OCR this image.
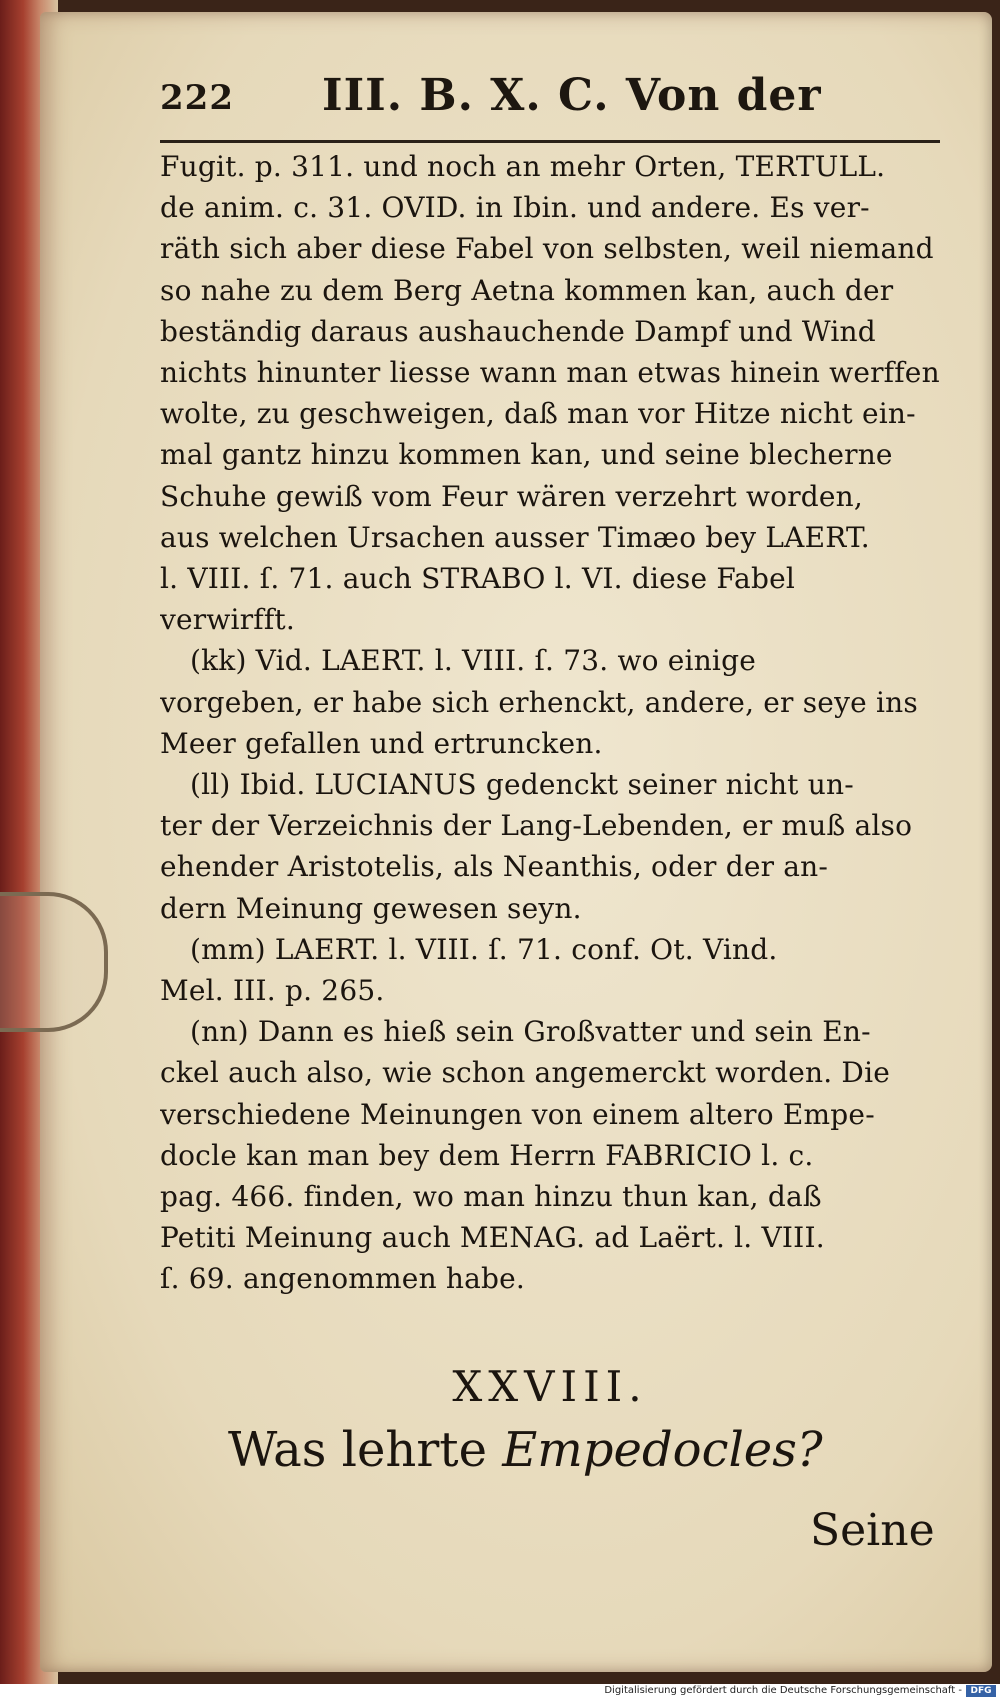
222 III. B. X. C. Von der
Fugit. p. 311. und noch an mehr Orten, TERTULL.
de anim. c. 31. OVID. in Ibin. und andere. Es ver-
räth sich aber diese Fabel von selbsten, weil niemand
so nahe zu dem Berg Aetna kommen kan, auch der
beständig daraus aushauchende Dampf und Wind
nichts hinunter liesse wann man etwas hinein werffen
wolte, zu geschweigen, daß man vor Hitze nicht ein-
mal gantz hinzu kommen kan, und seine blecherne
Schuhe gewiß vom Feur wären verzehrt worden,
aus welchen Ursachen ausser Timæo bey LAERT.
l. VIII. ſ. 71. auch STRABO l. VI. diese Fabel
verwirfft.
(kk) Vid. LAERT. l. VIII. ſ. 73. wo einige
vorgeben, er habe sich erhenckt, andere, er seye ins
Meer gefallen und ertruncken.
(ll) Ibid. LUCIANUS gedenckt seiner nicht un-
ter der Verzeichnis der Lang-Lebenden, er muß also
ehender Aristotelis, als Neanthis, oder der an-
dern Meinung gewesen seyn.
(mm) LAERT. l. VIII. ſ. 71. conf. Ot. Vind.
Mel. III. p. 265.
(nn) Dann es hieß sein Großvatter und sein En-
ckel auch also, wie schon angemerckt worden. Die
verschiedene Meinungen von einem altero Empe-
docle kan man bey dem Herrn FABRICIO l. c.
pag. 466. finden, wo man hinzu thun kan, daß
Petiti Meinung auch MENAG. ad Laërt. l. VIII.
ſ. 69. angenommen habe.
XXVIII.
Was lehrte Empedocles?
Seine
Digitalisierung gefördert durch die Deutsche Forschungsgemeinschaft - DFG
